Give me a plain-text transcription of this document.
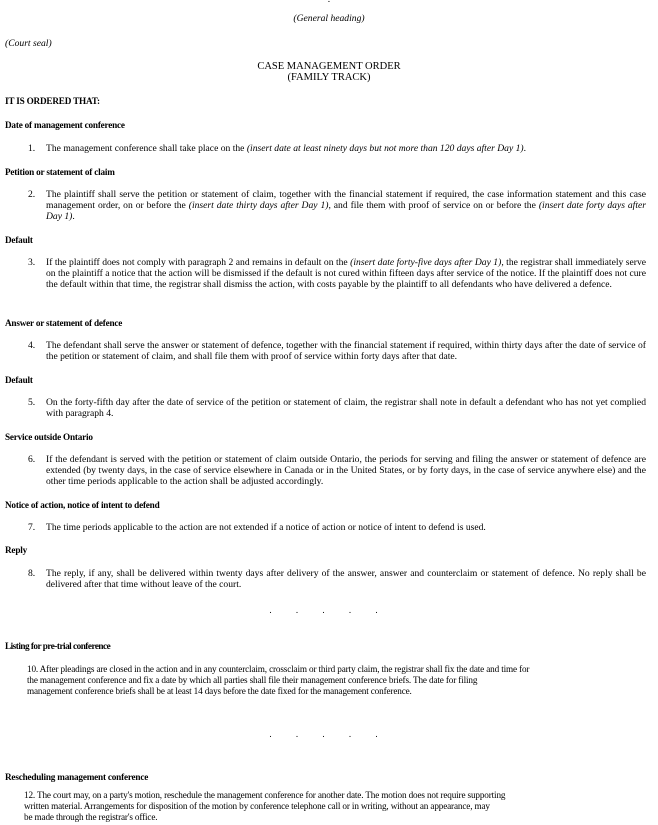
(General heading)
(Court seal)
CASE MANAGEMENT ORDER
(FAMILY TRACK)
IT IS ORDERED THAT:
Date of management conference
1. The management conference shall take place on the (insert date at least ninety days but not more than 120 days after Day 1).
Petition or statement of claim
2. The plaintiff shall serve the petition or statement of claim, together with the financial statement if required, the case information statement and this case management order, on or before the (insert date thirty days after Day 1), and file them with proof of service on or before the (insert date forty days after Day 1).
Default
3. If the plaintiff does not comply with paragraph 2 and remains in default on the (insert date forty-five days after Day 1), the registrar shall immediately serve on the plaintiff a notice that the action will be dismissed if the default is not cured within fifteen days after service of the notice. If the plaintiff does not cure the default within that time, the registrar shall dismiss the action, with costs payable by the plaintiff to all defendants who have delivered a defence.
Answer or statement of defence
4. The defendant shall serve the answer or statement of defence, together with the financial statement if required, within thirty days after the date of service of the petition or statement of claim, and shall file them with proof of service within forty days after that date.
Default
5. On the forty-fifth day after the date of service of the petition or statement of claim, the registrar shall note in default a defendant who has not yet complied with paragraph 4.
Service outside Ontario
6. If the defendant is served with the petition or statement of claim outside Ontario, the periods for serving and filing the answer or statement of defence are extended (by twenty days, in the case of service elsewhere in Canada or in the United States, or by forty days, in the case of service anywhere else) and the other time periods applicable to the action shall be adjusted accordingly.
Notice of action, notice of intent to defend
7. The time periods applicable to the action are not extended if a notice of action or notice of intent to defend is used.
Reply
8. The reply, if any, shall be delivered within twenty days after delivery of the answer, answer and counterclaim or statement of defence. No reply shall be delivered after that time without leave of the court.
. . . . .
Listing for pre-trial conference
10. After pleadings are closed in the action and in any counterclaim, crossclaim or third party claim, the registrar shall fix the date and time for
the management conference and fix a date by which all parties shall file their management conference briefs. The date for filing
management conference briefs shall be at least 14 days before the date fixed for the management conference.
. . . . .
Rescheduling management conference
12. The court may, on a party's motion, reschedule the management conference for another date. The motion does not require supporting
written material. Arrangements for disposition of the motion by conference telephone call or in writing, without an appearance, may
be made through the registrar's office.
